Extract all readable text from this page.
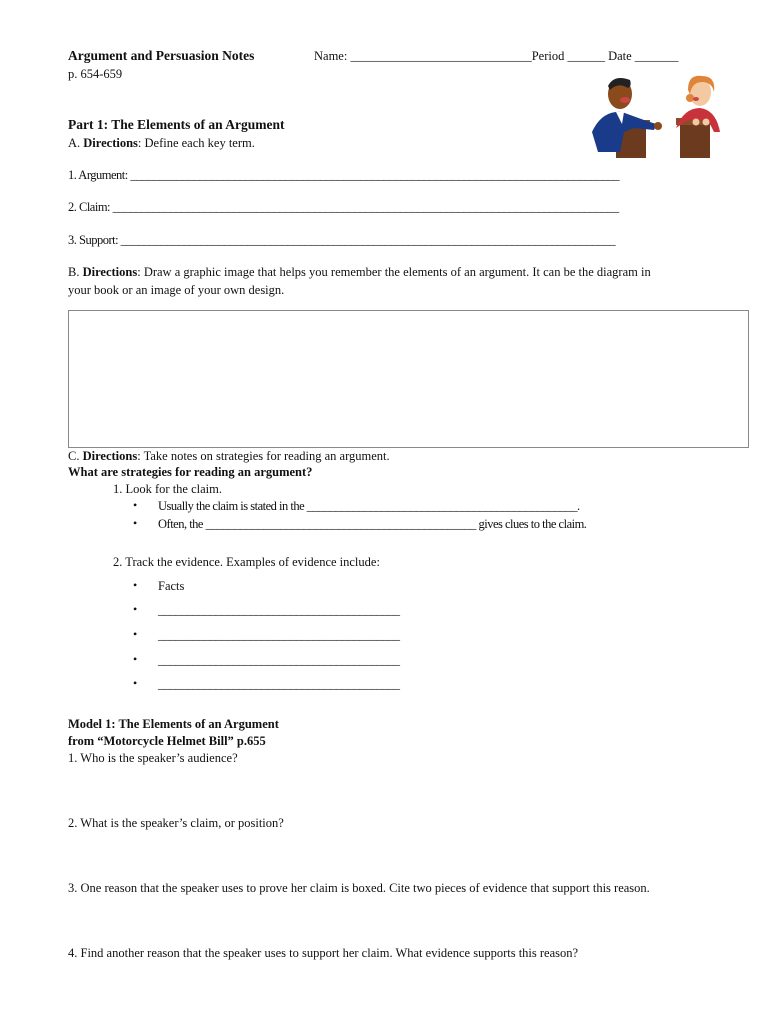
Argument and Persuasion Notes
p. 654-659
Name: _____________________________Period ______ Date _______
Part 1: The Elements of an Argument
A. Directions: Define each key term.
1. Argument: _____________________________________________________________________________________
2. Claim: ________________________________________________________________________________________
3. Support: ______________________________________________________________________________________
B. Directions: Draw a graphic image that helps you remember the elements of an argument. It can be the diagram in
your book or an image of your own design.
C. Directions: Take notes on strategies for reading an argument.
What are strategies for reading an argument?
1. Look for the claim.
• Usually the claim is stated in the _______________________________________________.
• Often, the _______________________________________________ gives clues to the claim.
2. Track the evidence. Examples of evidence include:
• Facts
• __________________________________________
• __________________________________________
• __________________________________________
• __________________________________________
Model 1: The Elements of an Argument
from “Motorcycle Helmet Bill” p.655
1. Who is the speaker’s audience?
2. What is the speaker’s claim, or position?
3. One reason that the speaker uses to prove her claim is boxed. Cite two pieces of evidence that support this reason.
4. Find another reason that the speaker uses to support her claim. What evidence supports this reason?
